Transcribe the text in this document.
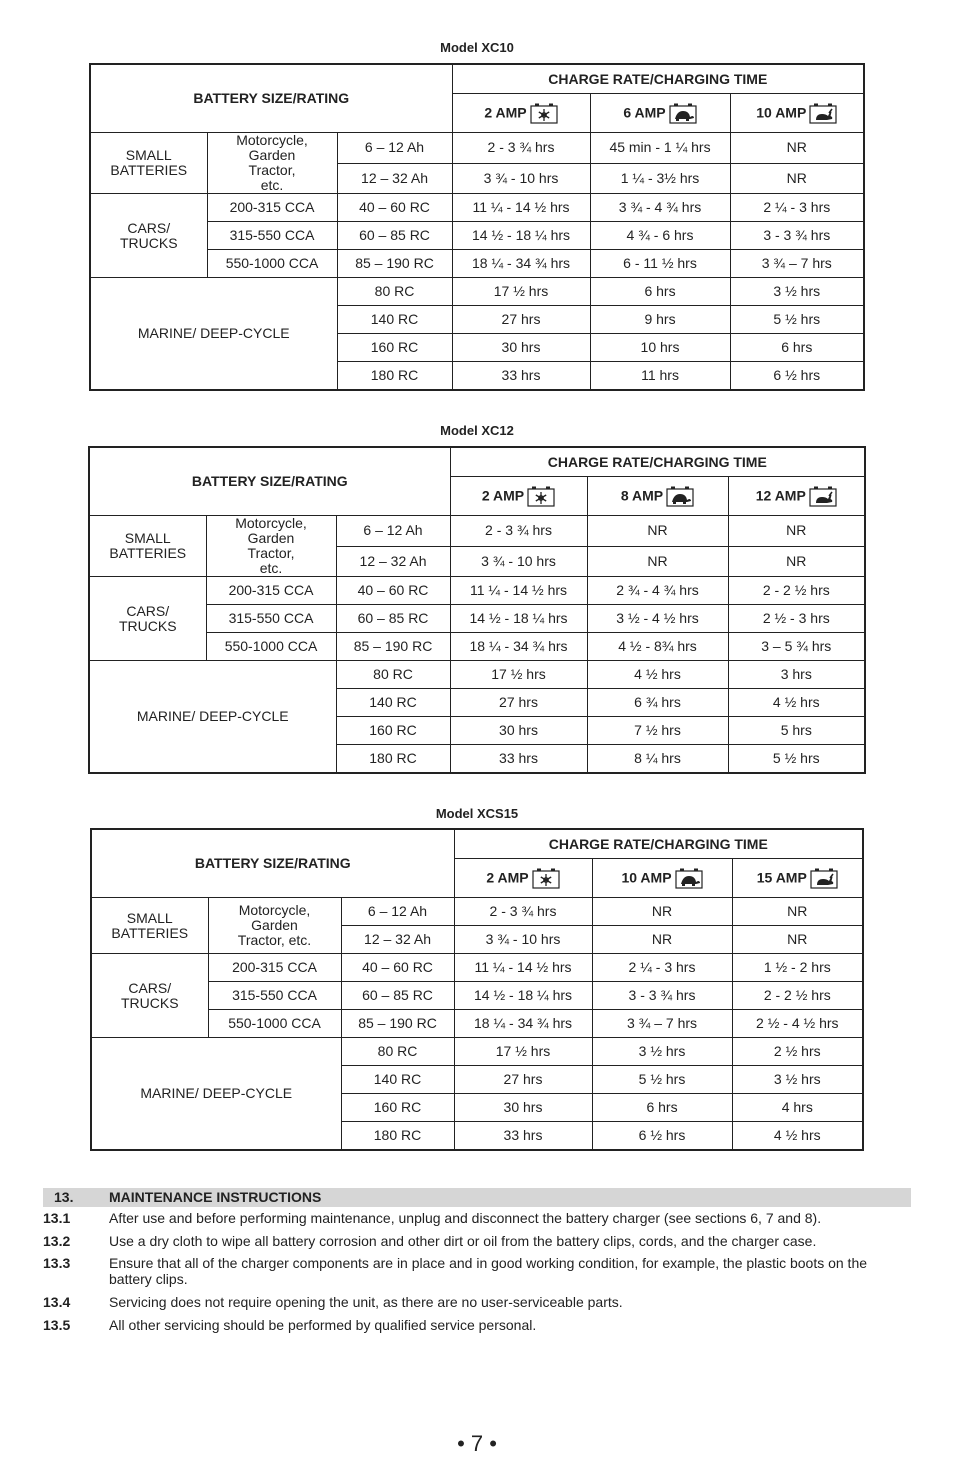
Model XC10
BATTERY SIZE/RATING			CHARGE RATE/CHARGING TIME		
			2 AMP	6 AMP	10 AMP
SMALL BATTERIES	Motorcycle, Garden Tractor, etc.	6 – 12 Ah	2 - 3 ¾ hrs	45 min - 1 ¼ hrs	NR
		12 – 32 Ah	3 ¾ - 10 hrs	1 ¼ - 3½ hrs	NR
CARS/ TRUCKS	200-315 CCA	40 – 60 RC	11 ¼ - 14 ½ hrs	3 ¾ - 4 ¾ hrs	2 ¼ - 3 hrs
	315-550 CCA	60 – 85 RC	14 ½ - 18 ¼ hrs	4 ¾ - 6 hrs	3 - 3 ¾ hrs
	550-1000 CCA	85 – 190 RC	18 ¼ - 34 ¾ hrs	6 - 11 ½ hrs	3 ¾ – 7 hrs
MARINE/ DEEP-CYCLE		80 RC	17 ½ hrs	6 hrs	3 ½ hrs
		140 RC	27 hrs	9 hrs	5 ½ hrs
		160 RC	30 hrs	10 hrs	6 hrs
		180 RC	33 hrs	11 hrs	6 ½ hrs
Model XC12
BATTERY SIZE/RATING			CHARGE RATE/CHARGING TIME		
			2 AMP	8 AMP	12 AMP
SMALL BATTERIES	Motorcycle, Garden Tractor, etc.	6 – 12 Ah	2 - 3 ¾ hrs	NR	NR
		12 – 32 Ah	3 ¾ - 10 hrs	NR	NR
CARS/ TRUCKS	200-315 CCA	40 – 60 RC	11 ¼ - 14 ½ hrs	2 ¾ - 4 ¾ hrs	2 - 2 ½ hrs
	315-550 CCA	60 – 85 RC	14 ½ - 18 ¼ hrs	3 ½ - 4 ½ hrs	2 ½ - 3 hrs
	550-1000 CCA	85 – 190 RC	18 ¼ - 34 ¾ hrs	4 ½ - 8¾ hrs	3 – 5 ¾ hrs
MARINE/ DEEP-CYCLE		80 RC	17 ½ hrs	4 ½ hrs	3 hrs
		140 RC	27 hrs	6 ¾ hrs	4 ½ hrs
		160 RC	30 hrs	7 ½ hrs	5 hrs
		180 RC	33 hrs	8 ¼ hrs	5 ½ hrs
Model XCS15
BATTERY SIZE/RATING			CHARGE RATE/CHARGING TIME		
			2 AMP	10 AMP	15 AMP
SMALL BATTERIES	Motorcycle, Garden Tractor, etc.	6 – 12 Ah	2 - 3 ¾ hrs	NR	NR
		12 – 32 Ah	3 ¾ - 10 hrs	NR	NR
CARS/ TRUCKS	200-315 CCA	40 – 60 RC	11 ¼ - 14 ½ hrs	2 ¼ - 3 hrs	1 ½ - 2 hrs
	315-550 CCA	60 – 85 RC	14 ½ - 18 ¼ hrs	3 - 3 ¾ hrs	2 - 2 ½ hrs
	550-1000 CCA	85 – 190 RC	18 ¼ - 34 ¾ hrs	3 ¾ – 7 hrs	2 ½ - 4 ½ hrs
MARINE/ DEEP-CYCLE		80 RC	17 ½ hrs	3 ½ hrs	2 ½ hrs
		140 RC	27 hrs	5 ½ hrs	3 ½ hrs
		160 RC	30 hrs	6 hrs	4 hrs
		180 RC	33 hrs	6 ½ hrs	4 ½ hrs
13.	MAINTENANCE INSTRUCTIONS
13.1	After use and before performing maintenance, unplug and disconnect the battery charger (see sections 6, 7 and 8).
13.2	Use a dry cloth to wipe all battery corrosion and other dirt or oil from the battery clips, cords, and the charger case.
13.3	Ensure that all of the charger components are in place and in good working condition, for example, the plastic boots on the battery clips.
13.4	Servicing does not require opening the unit, as there are no user-serviceable parts.
13.5	All other servicing should be performed by qualified service personal.
• 7 •
